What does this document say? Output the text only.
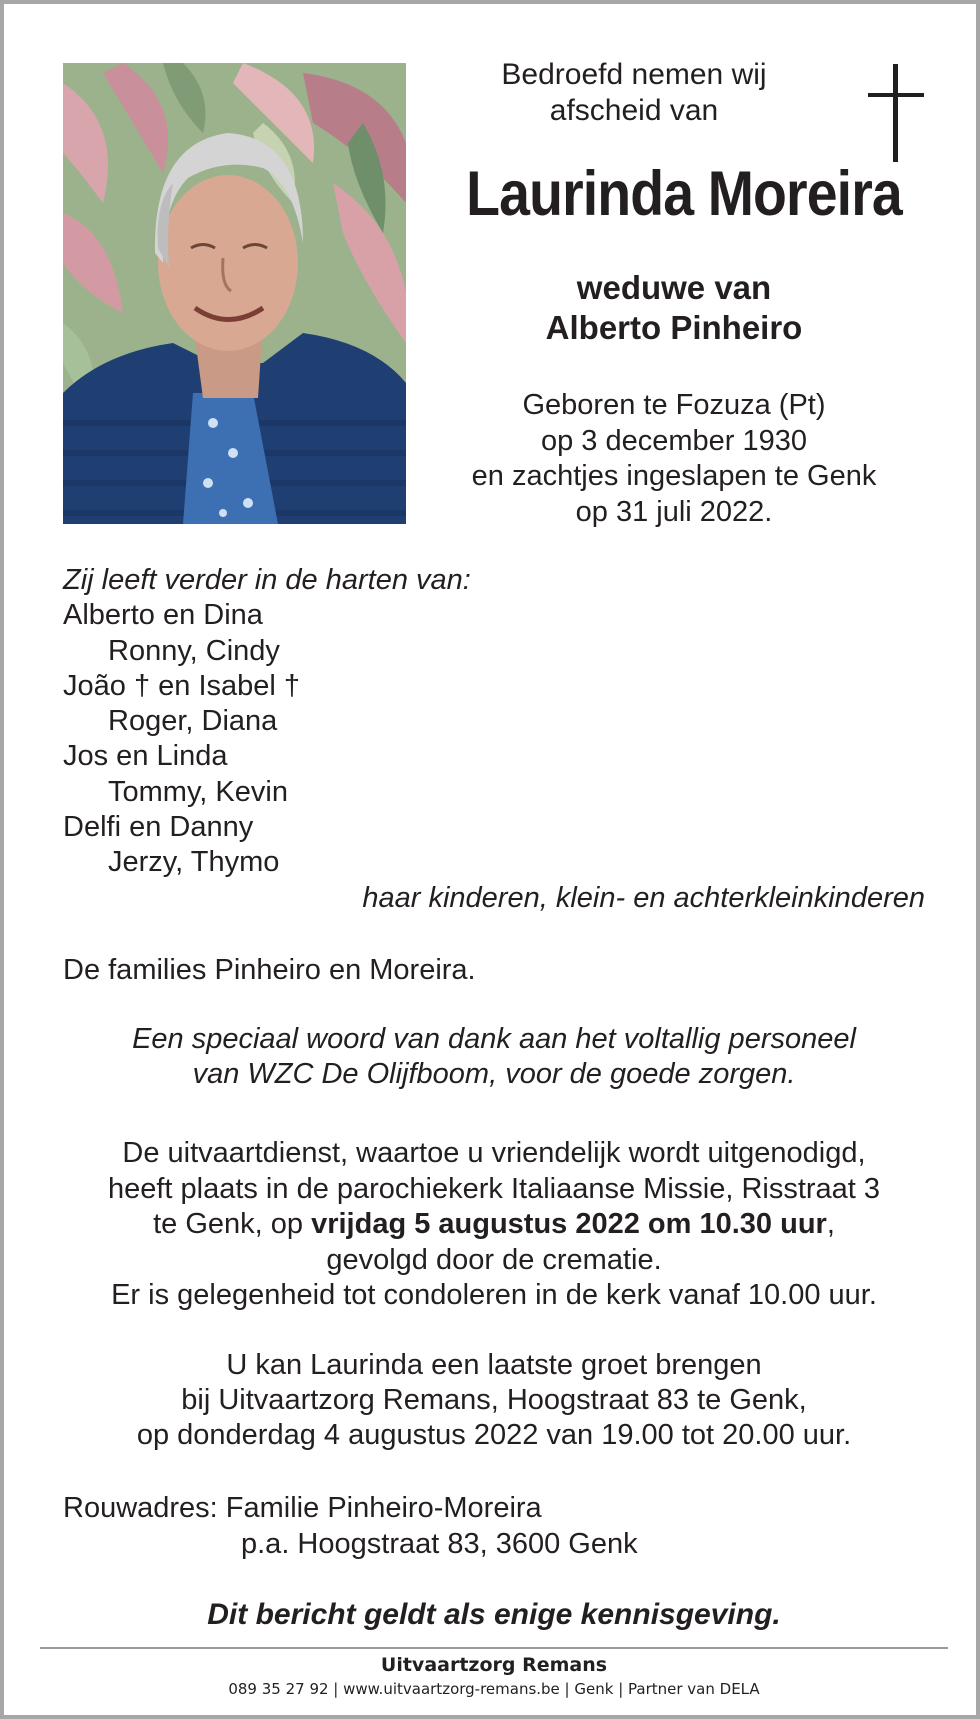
Bedroefd nemen wij
afscheid van
Laurinda Moreira
weduwe van
Alberto Pinheiro
Geboren te Fozuza (Pt)
op 3 december 1930
en zachtjes ingeslapen te Genk
op 31 juli 2022.
Zij leeft verder in de harten van:
Alberto en Dina
Ronny, Cindy
João † en Isabel †
Roger, Diana
Jos en Linda
Tommy, Kevin
Delfi en Danny
Jerzy, Thymo
haar kinderen, klein- en achterkleinkinderen
De families Pinheiro en Moreira.
Een speciaal woord van dank aan het voltallig personeel
van WZC De Olijfboom, voor de goede zorgen.
De uitvaartdienst, waartoe u vriendelijk wordt uitgenodigd,
heeft plaats in de parochiekerk Italiaanse Missie, Risstraat 3
te Genk, op vrijdag 5 augustus 2022 om 10.30 uur,
gevolgd door de crematie.
Er is gelegenheid tot condoleren in de kerk vanaf 10.00 uur.
U kan Laurinda een laatste groet brengen
bij Uitvaartzorg Remans, Hoogstraat 83 te Genk,
op donderdag 4 augustus 2022 van 19.00 tot 20.00 uur.
Rouwadres: Familie Pinheiro-Moreira
p.a. Hoogstraat 83, 3600 Genk
Dit bericht geldt als enige kennisgeving.
Uitvaartzorg Remans
089 35 27 92 | www.uitvaartzorg-remans.be | Genk | Partner van DELA
